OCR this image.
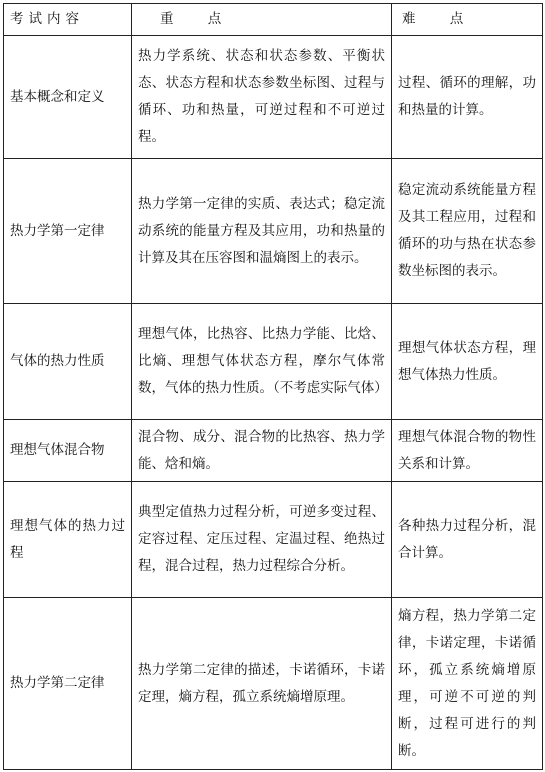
考试内容	重 点	难 点
基本概念和定义	热力学系统、状态和状态参数、平衡状态、状态方程和状态参数坐标图、过程与循环、功和热量，可逆过程和不可逆过程。	过程、循环的理解，功和热量的计算。
热力学第一定律	热力学第一定律的实质、表达式；稳定流动系统的能量方程及其应用，功和热量的计算及其在压容图和温熵图上的表示。	稳定流动系统能量方程及其工程应用，过程和循环的功与热在状态参数坐标图的表示。
气体的热力性质	理想气体，比热容、比热力学能、比焓、比熵、理想气体状态方程，摩尔气体常数，气体的热力性质。（不考虑实际气体）	理想气体状态方程，理想气体热力性质。
理想气体混合物	混合物、成分、混合物的比热容、热力学能、焓和熵。	理想气体混合物的物性关系和计算。
理想气体的热力过程	典型定值热力过程分析，可逆多变过程、定容过程、定压过程、定温过程、绝热过程，混合过程，热力过程综合分析。	各种热力过程分析，混合计算。
热力学第二定律	热力学第二定律的描述，卡诺循环，卡诺定理，熵方程，孤立系统熵增原理。	熵方程，热力学第二定律，卡诺定理，卡诺循环，孤立系统熵增原理，可逆不可逆的判断，过程可进行的判断。
